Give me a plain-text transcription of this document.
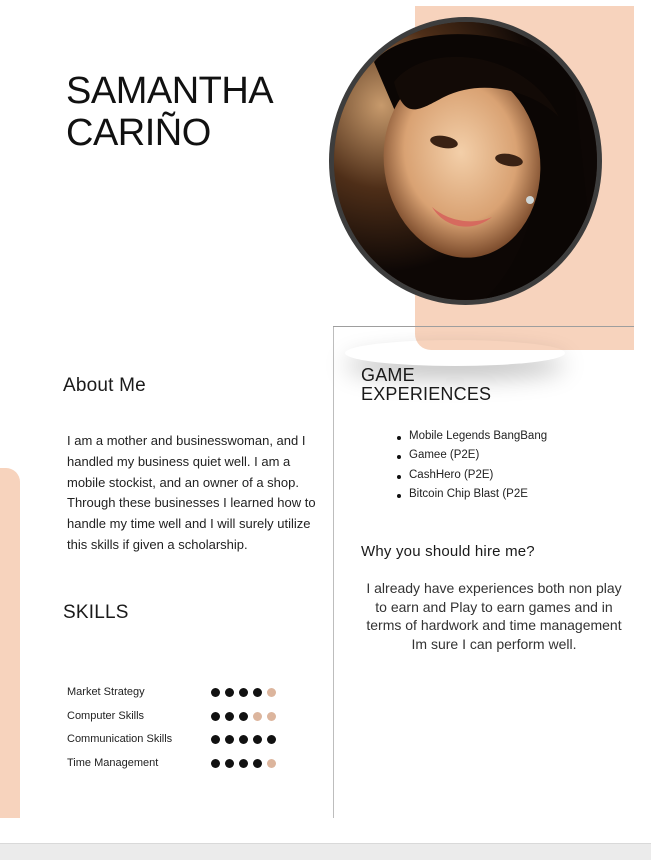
SAMANTHA
CARIÑO
About Me
I am a mother and businesswoman, and I handled my business quiet well. I am a mobile stockist, and an owner of a shop. Through these businesses I learned how to handle my time well and I will surely utilize this skills if given a scholarship.
SKILLS
Market Strategy
Computer Skills
Communication Skills
Time Management
GAME
EXPERIENCES
Mobile Legends BangBang
Gamee (P2E)
CashHero (P2E)
Bitcoin Chip Blast (P2E
Why you should hire me?
I already have experiences both non play to earn and Play to earn games and in terms of hardwork and time management Im sure I can perform well.
